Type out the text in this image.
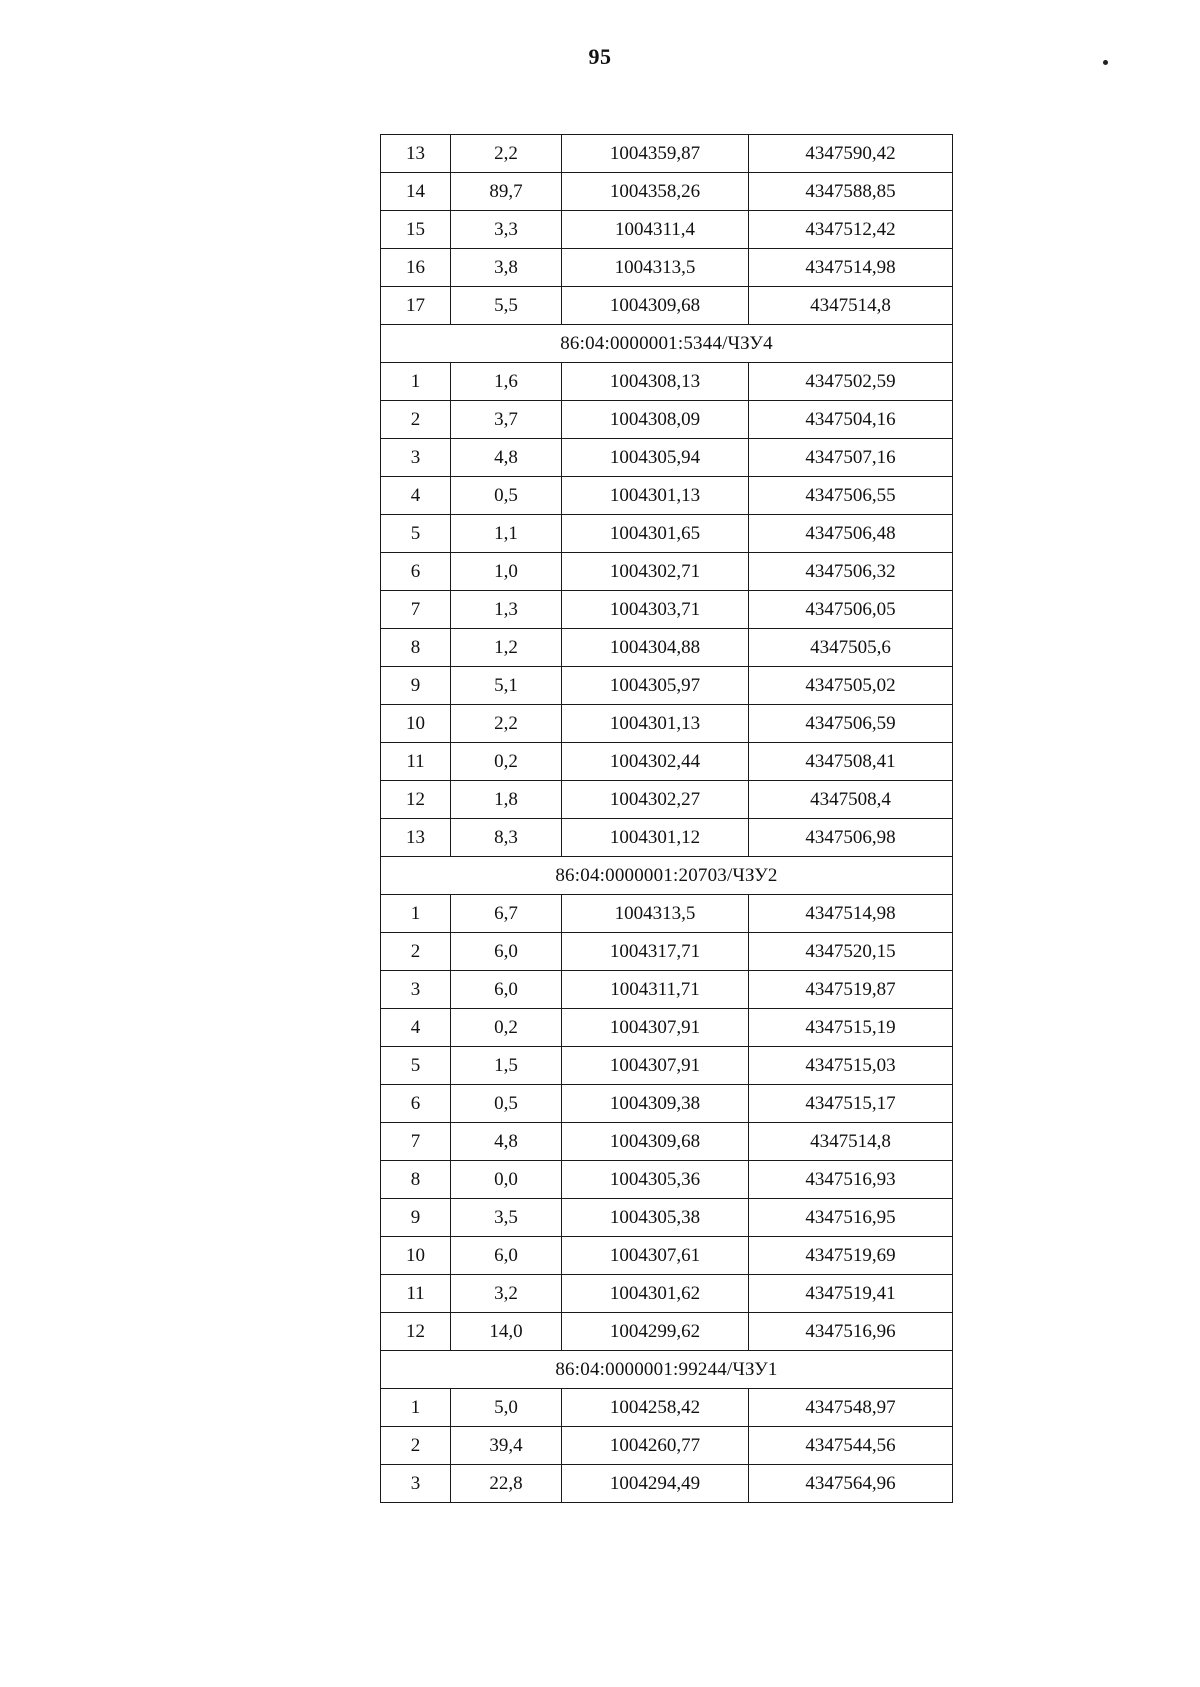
95
13	2,2	1004359,87	4347590,42
14	89,7	1004358,26	4347588,85
15	3,3	1004311,4	4347512,42
16	3,8	1004313,5	4347514,98
17	5,5	1004309,68	4347514,8
86:04:0000001:5344/ЧЗУ4			
1	1,6	1004308,13	4347502,59
2	3,7	1004308,09	4347504,16
3	4,8	1004305,94	4347507,16
4	0,5	1004301,13	4347506,55
5	1,1	1004301,65	4347506,48
6	1,0	1004302,71	4347506,32
7	1,3	1004303,71	4347506,05
8	1,2	1004304,88	4347505,6
9	5,1	1004305,97	4347505,02
10	2,2	1004301,13	4347506,59
11	0,2	1004302,44	4347508,41
12	1,8	1004302,27	4347508,4
13	8,3	1004301,12	4347506,98
86:04:0000001:20703/ЧЗУ2			
1	6,7	1004313,5	4347514,98
2	6,0	1004317,71	4347520,15
3	6,0	1004311,71	4347519,87
4	0,2	1004307,91	4347515,19
5	1,5	1004307,91	4347515,03
6	0,5	1004309,38	4347515,17
7	4,8	1004309,68	4347514,8
8	0,0	1004305,36	4347516,93
9	3,5	1004305,38	4347516,95
10	6,0	1004307,61	4347519,69
11	3,2	1004301,62	4347519,41
12	14,0	1004299,62	4347516,96
86:04:0000001:99244/ЧЗУ1			
1	5,0	1004258,42	4347548,97
2	39,4	1004260,77	4347544,56
3	22,8	1004294,49	4347564,96
